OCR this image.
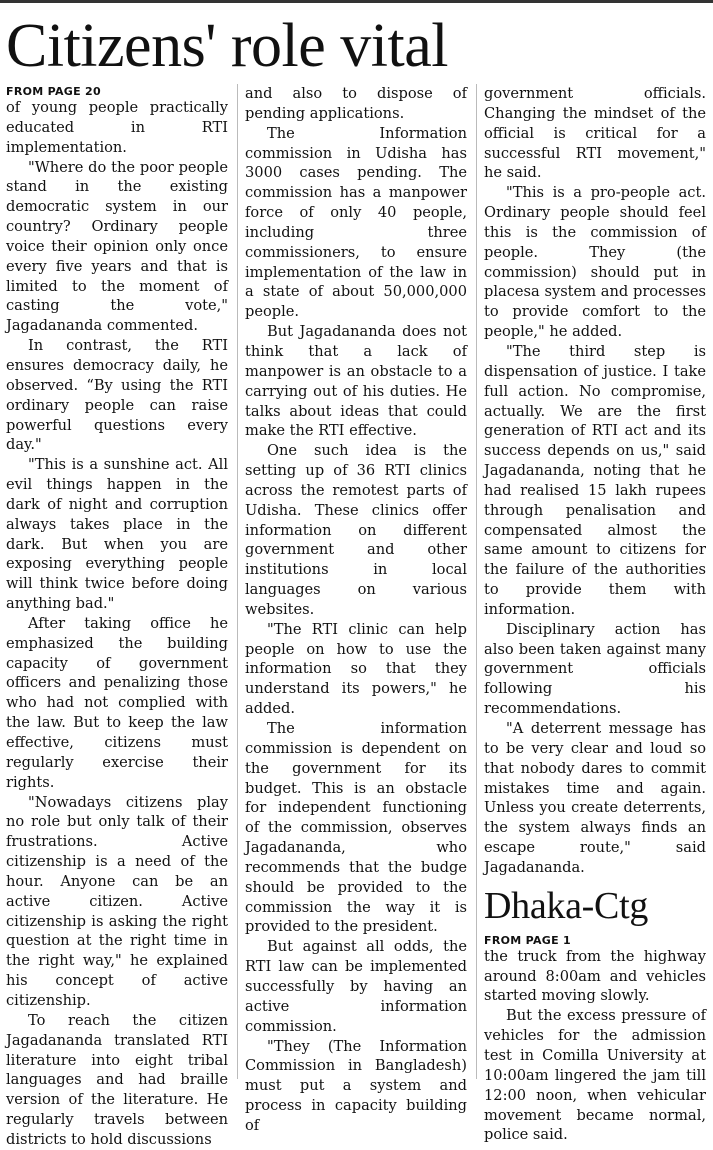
Citizens' role vital
FROM PAGE 20

of young people practically educated in RTI implementation.

"Where do the poor people stand in the existing democratic system in our country? Ordinary people voice their opinion only once every five years and that is limited to the moment of casting the vote," Jagadananda commented.

In contrast, the RTI ensures democracy daily, he observed. “By using the RTI ordinary people can raise powerful questions every day."

"This is a sunshine act. All evil things happen in the dark of night and corruption always takes place in the dark. But when you are exposing everything people will think twice before doing anything bad."

After taking office he emphasized the building capacity of government officers and penalizing those who had not complied with the law. But to keep the law effective, citizens must regularly exercise their rights.

"Nowadays citizens play no role but only talk of their frustrations. Active citizenship is a need of the hour. Anyone can be an active citizen. Active citizenship is asking the right question at the right time in the right way," he explained his concept of active citizenship.

To reach the citizen Jagadananda translated RTI literature into eight tribal languages and had braille version of the literature. He regularly travels between districts to hold discussions

and also to dispose of pending applications.

The Information commission in Udisha has 3000 cases pending. The commission has a manpower force of only 40 people, including three commissioners, to ensure implementation of the law in a state of about 50,000,000 people.

But Jagadananda does not think that a lack of manpower is an obstacle to a carrying out of his duties. He talks about ideas that could make the RTI effective.

One such idea is the setting up of 36 RTI clinics across the remotest parts of Udisha. These clinics offer information on different government and other institutions in local languages on various websites.

"The RTI clinic can help people on how to use the information so that they understand its powers," he added.

The information commission is dependent on the government for its budget. This is an obstacle for independent functioning of the commission, observes Jagadananda, who recommends that the budge should be provided to the commission the way it is provided to the president.

But against all odds, the RTI law can be implemented successfully by having an active information commission.

"They (The Information Commission in Bangladesh) must put a system and process in capacity building of

government officials. Changing the mindset of the official is critical for a successful RTI movement," he said.

"This is a pro-people act. Ordinary people should feel this is the commission of people. They (the commission) should put in placesa system and processes to provide comfort to the people," he added.

"The third step is dispensation of justice. I take full action. No compromise, actually. We are the first generation of RTI act and its success depends on us," said Jagadananda, noting that he had realised 15 lakh rupees through penalisation and compensated almost the same amount to citizens for the failure of the authorities to provide them with information.

Disciplinary action has also been taken against many government officials following his recommendations.

"A deterrent message has to be very clear and loud so that nobody dares to commit mistakes time and again. Unless you create deterrents, the system always finds an escape route," said Jagadananda.

Dhaka-Ctg
FROM PAGE 1

the truck from the highway around 8:00am and vehicles started moving slowly.

But the excess pressure of vehicles for the admission test in Comilla University at 10:00am lingered the jam till 12:00 noon, when vehicular movement became normal, police said.
